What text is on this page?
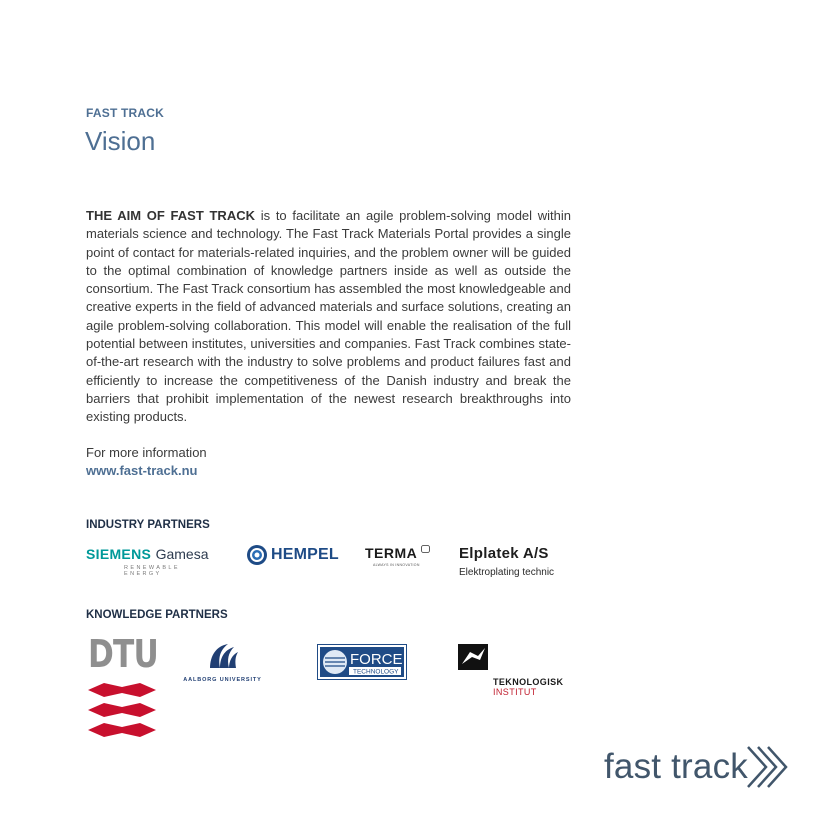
FAST TRACK
Vision

THE AIM OF FAST TRACK is to facilitate an agile problem-solving model within materials science and technology. The Fast Track Materials Portal provides a single point of contact for materials-related inquiries, and the problem owner will be guided to the optimal combination of knowledge partners inside as well as outside the consortium. The Fast Track consortium has assembled the most knowledgeable and creative experts in the field of advanced materials and surface solutions, creating an agile problem-solving collaboration. This model will enable the realisation of the full potential between institutes, universities and companies. Fast Track combines state-of-the-art research with the industry to solve problems and product failures fast and efficiently to increase the competitiveness of the Danish industry and break the barriers that prohibit implementation of the newest research breakthroughs into existing products.

For more information
www.fast-track.nu
INDUSTRY PARTNERS
SIEMENS Gamesa
RENEWABLE ENERGY
HEMPEL TERMA
ALWAYS IN INNOVATION
Elplatek A/S
Elektroplating technic
KNOWLEDGE PARTNERS
DTU
AALBORG UNIVERSITY
FORCE
TECHNOLOGY
TEKNOLOGISK
INSTITUT
fast track
